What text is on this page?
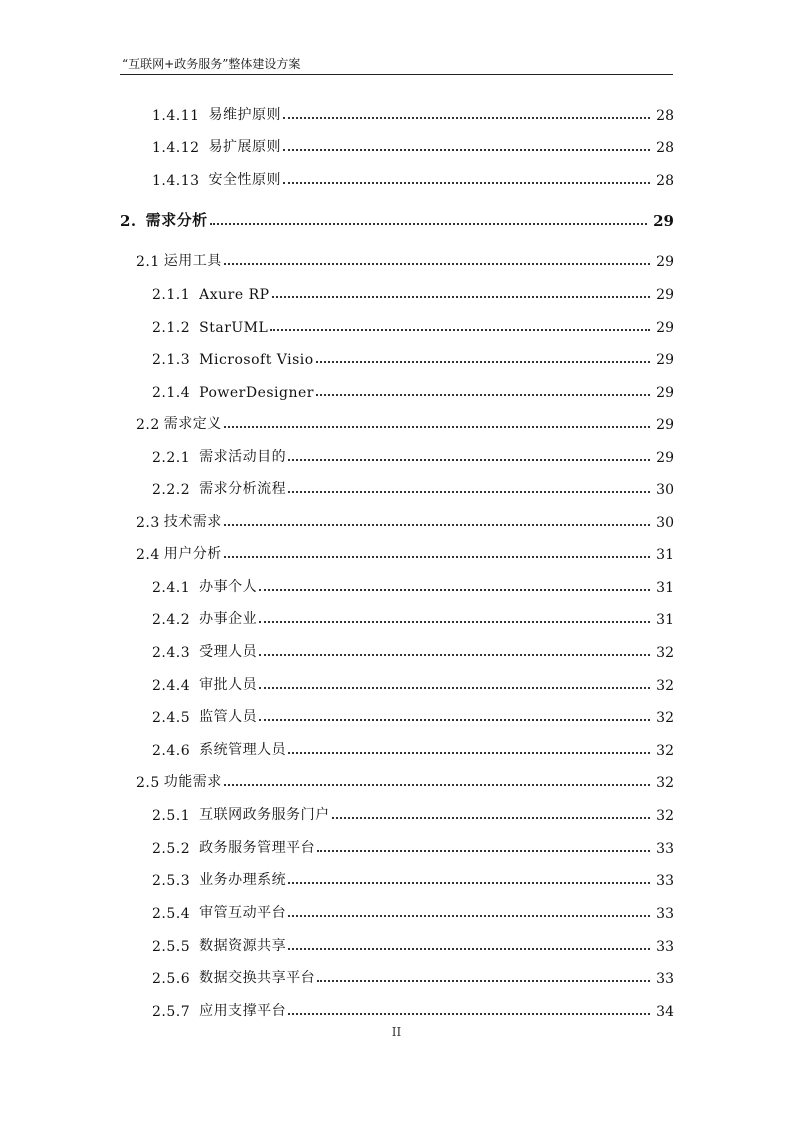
“互联网+政务服务”整体建设方案
1.4.11 易维护原则	28
1.4.12 易扩展原则	28
1.4.13 安全性原则	28
2. 需求分析	29
2.1 运用工具	29
2.1.1 Axure RP	29
2.1.2 StarUML	29
2.1.3 Microsoft Visio	29
2.1.4 PowerDesigner	29
2.2 需求定义	29
2.2.1 需求活动目的	29
2.2.2 需求分析流程	30
2.3 技术需求	30
2.4 用户分析	31
2.4.1 办事个人	31
2.4.2 办事企业	31
2.4.3 受理人员	32
2.4.4 审批人员	32
2.4.5 监管人员	32
2.4.6 系统管理人员	32
2.5 功能需求	32
2.5.1 互联网政务服务门户	32
2.5.2 政务服务管理平台	33
2.5.3 业务办理系统	33
2.5.4 审管互动平台	33
2.5.5 数据资源共享	33
2.5.6 数据交换共享平台	33
2.5.7 应用支撑平台	34
II
